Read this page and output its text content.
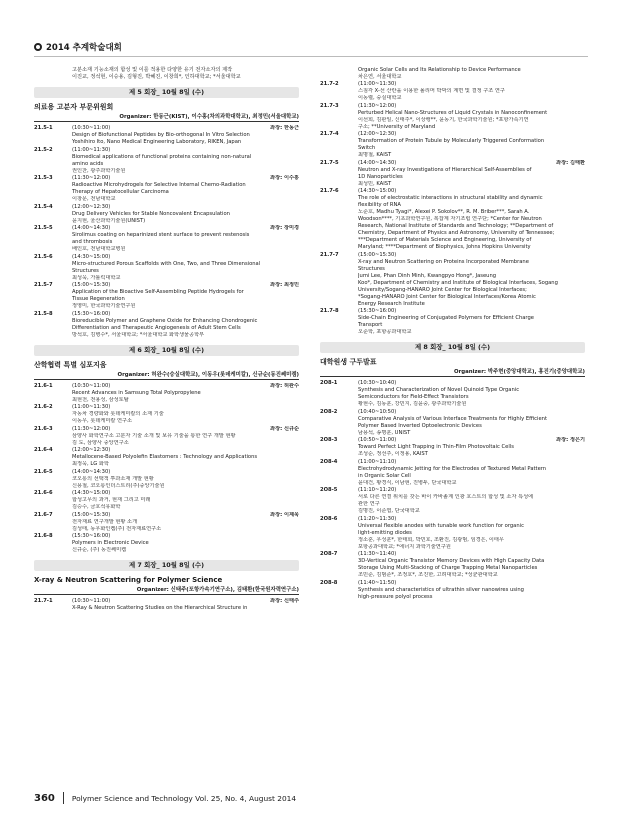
2014 추계학술대회
고분소재 기능소재의 합성 및 이를 적용한 다양한 유기 전자소자의 제작
이진교, 정석현, 이승용, 김형진, 박혜진, 이창희*, 인하대학교; *서울대학교
제 5 회장_ 10월 8일 (수)
의료용 고분자 부문위원회
Organizer: 한동근(KIST), 이수홍(차의과학대학교), 최정민(서울대학교)
21.5-1	(10:30~11:00)	좌장: 한동근
Design of Biofunctional Peptides by Bio-orthogonal In Vitro Selection
Yoshihiro Ito, Nano Medical Engineering Laboratory, RIKEN, Japan
21.5-2	(11:00~11:30)
Biomedical applications of functional proteins containing non-natural
amino acids
권인찬, 광주과학기술원
21.5-3	(11:30~12:00)	좌장: 이수홍
Radioactive Microhydrogels for Selective Internal Chemo-Radiation
Therapy of Hepatocellular Carcinoma
이창문, 전남대학교
21.5-4	(12:00~12:30)
Drug Delivery Vehicles for Stable Noncovalent Encapsulation
윤지현, 울산과학기술원(UNIST)
21.5-5	(14:00~14:30)	좌장: 장미경
Sirolimus coating on heparinized stent surface to prevent restenosis
and thrombosis
배인호, 전남대학교병원
21.5-6	(14:30~15:00)
Micro-structured Porous Scaffolds with One, Two, and Three Dimensional
Structures
최성욱, 가톨릭대학교
21.5-7	(15:00~15:30)	좌장: 최정민
Application of the Bioactive Self-Assembling Peptide Hydrogels for
Tissue Regeneration
정영미, 한국과학기술연구원
21.5-8	(15:30~16:00)
Bioreducible Polymer and Graphene Oxide for Enhancing Chondrogenic
Differentiation and Therapeutic Angiogenesis of Adult Stem Cells
방석호, 김병수*, 서울대학교; *서울대학교 화학생물공학부
제 6 회장_ 10월 8일 (수)
산학협력 특별 심포지움
Organizer: 허완수(숭실대학교), 이동우(롯데케미칼), 신규순(동진쎄미켐)
21.6-1	(10:30~11:00)	좌장: 허완수
Recent Advances in Samsung Total Polypropylene
최현천, 전용성, 삼성토탈
21.6-2	(11:00~11:30)
자동차 경량화와 롯데케미칼의 소재 기술
이동우, 롯데케미칼 연구소
21.6-3	(11:30~12:00)	좌장: 신규순
삼양사 화학연구소 고분자 기술 소개 및 보유 기술을 통한 연구 개발 현황
김 도, 삼양사 중앙연구소
21.6-4	(12:00~12:30)
Metallocene-Based Polyolefin Elastomers : Technology and Applications
최정욱, LG 화학
21.6-5	(14:00~14:30)
코오롱의 선택적 투과소재 개발 현황
신용철, 코오롱인더스트리(주)중앙기술원
21.6-6	(14:30~15:00)
합성고무의 과거, 현재 그리고 미래
김승수, 금호석유화학
21.6-7	(15:00~15:30)	좌장: 이제욱
전자재료 연구개발 현황 소개
김성태, 동우화인켐(주) 전자재료연구소
21.6-8	(15:30~16:00)
Polymers in Electronic Device
신규순, (주) 동진쎄미켐
제 7 회장_ 10월 8일 (수)
X-ray & Neutron Scattering for Polymer Science
Organizer: 신태주(포항가속기연구소), 김태환(한국원자력연구소)
21.7-1	(10:30~11:00)	좌장: 신태주
X-Ray & Neutron Scattering Studies on the Hierarchical Structure in
Organic Solar Cells and Its Relationship to Device Performance
차은연, 서울대학교
21.7-2	(11:00~11:30)
스침각 X-선 산란을 이용한 폴리머 박막의 계면 및 결정 구조 연구
이동렬, 숭실대학교
21.7-3	(11:30~12:00)
Perturbed Helical Nano-Structures of Liquid Crystals in Nanoconfinement
이선희, 김판일, 신태주*, 이상뱅**, 윤동기, 한국과학기술원; *포항가속기연
구소; **University of Maryland
21.7-4	(12:00~12:30)
Transformation of Protein Tubule by Molecularly Triggered Conformation
Switch
최명철, KAIST
21.7-5	(14:00~14:30)	좌장: 김태환
Neutron and X-ray Investigations of Hierarchical Self-Assemblies of
1D Nanoparticles
최성민, KAIST
21.7-6	(14:30~15:00)
The role of electrostatic interactions in structural stability and dynamic
flexibility of RNA
노준호, Madhu Tyagi*, Alexei P. Sokolov**, R. M. Briber***, Sarah A.
Woodson****, 기초과학연구원, 복잡계 자기조립 연구단; *Center for Neutron
Research, National Institute of Standards and Technology; **Department of
Chemistry, Department of Physics and Astronomy, University of Tennessee;
***Department of Materials Science and Engineering, University of
Maryland; ****Department of Biophysics, Johns Hopkins University
21.7-7	(15:00~15:30)
X-ray and Neutron Scattering on Proteins Incorporated Membrane
Structures
Jumi Lee, Phan Dinh Minh, Kwangpyo Hong*, Jaseung
Koo*, Department of Chemistry and Institute of Biological Interfaces, Sogang
University/Sogang-HANARO Joint Center for Biological Interfaces;
*Sogang-HANARO Joint Center for Biological Interfaces/Korea Atomic
Energy Research Institute
21.7-8	(15:30~16:00)
Side-Chain Engineering of Conjugated Polymers for Efficient Charge
Transport
오준학, 포항공과대학교
제 8 회장_ 10월 8일 (수)
대학원생 구두발표
Organizer: 박주현(중앙대학교), 홍진기(중앙대학교)
2O8-1	(10:30~10:40)
Synthesis and Characterization of Novel Quinoid Type Organic
Semiconductors for Field-Effect Transistors
황현수, 김동훈, 강민지, 김윤중, 광주과학기술원
2O8-2	(10:40~10:50)
Comparative Analysis of Various Interface Treatments for Highly Efficient
Polymer Based Inverted Optoelectronic Devices
남용석, 송명훈, UNIST
2O8-3	(10:50~11:00)	좌장: 정은기
Toward Perfect Light Trapping in Thin-Film Photovoltaic Cells
조성순, 정선주, 이정용, KAIST
2O8-4	(11:00~11:10)
Electrohydrodynamic Jetting for the Electrodes of Textured Metal Pattern
in Organic Solar Cell
윤대건, 황경식, 이남현, 진병두, 단국대학교
2O8-5	(11:10~11:20)
서로 다른 연결 위치를 갖는 바이 카바졸계 인광 호스트의 합성 및 소자 특성에
관한 연구
김명진, 이준엽, 단국대학교
2O8-6	(11:20~11:30)
Universal flexible anodes with tunable work function for organic
light-emitting diodes
정소훈, 우성훈*, 한태희, 박민호, 조환진, 김광범, 임경은, 이태우
포항공과대학교; *에너지 과학기술연구원
2O8-7	(11:30~11:40)
3D-Vertical Organic Transistor Memory Devices with High Capacity Data
Storage Using Multi-Stacking of Charge Trapping Metal Nanoparticles
조민준, 김범준*, 조정호*, 조진한, 고려대학교; *성균관대학교
2O8-8	(11:40~11:50)
Synthesis and characteristics of ultrathin silver nanowires using
high-pressure polyol process
360 Polymer Science and Technology Vol. 25, No. 4, August 2014
